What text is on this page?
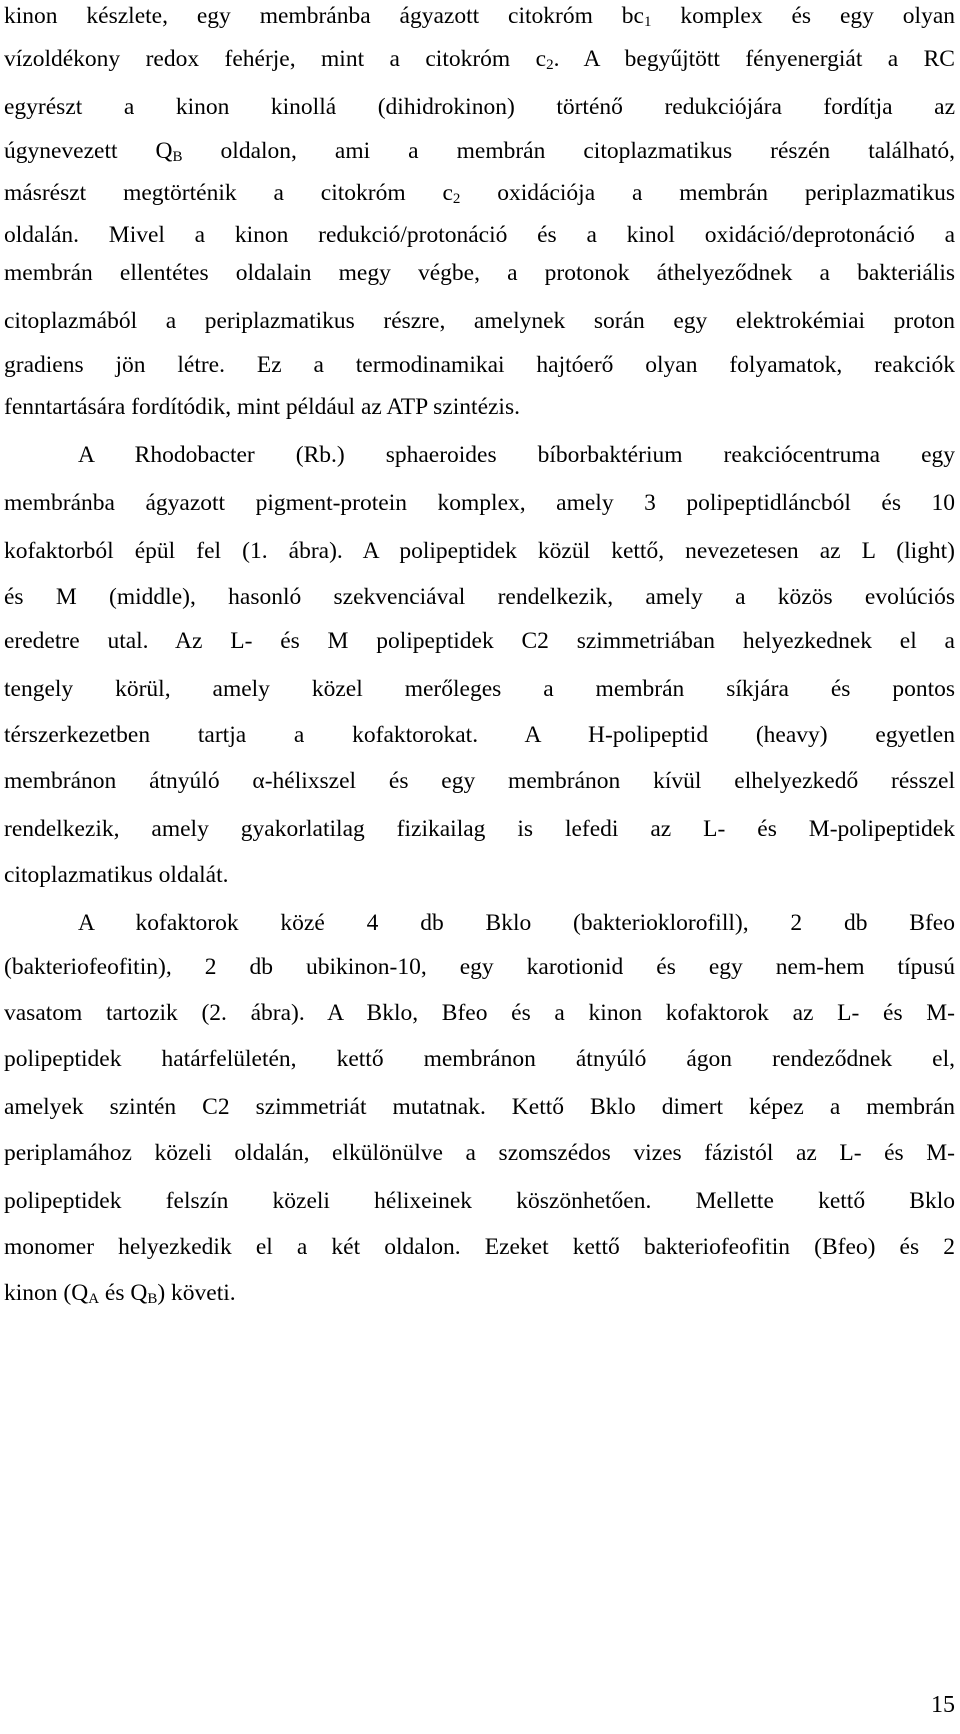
kinon készlete, egy membránba ágyazott citokróm $bc_1$ komplex és egy olyan
vízoldékony redox fehérje, mint a citokróm $c_2$. A begyűjtött fényenergiát a RC
egyrészt a kinon kinollá (dihidrokinon) történő redukciójára fordítja az
úgynevezett $Q_B$ oldalon, ami a membrán citoplazmatikus részén található,
másrészt megtörténik a citokróm $c_2$ oxidációja a membrán periplazmatikus
oldalán. Mivel a kinon redukció/protonáció és a kinol oxidáció/deprotonáció a
membrán ellentétes oldalain megy végbe, a protonok áthelyeződnek a bakteriális
citoplazmából a periplazmatikus részre, amelynek során egy elektrokémiai proton
gradiens jön létre. Ez a termodinamikai hajtóerő olyan folyamatok, reakciók
fenntartására fordítódik, mint például az ATP szintézis.
A Rhodobacter (Rb.) sphaeroides bíborbaktérium reakciócentruma egy
membránba ágyazott pigment-protein komplex, amely 3 polipeptidláncból és 10
kofaktorból épül fel (1. ábra). A polipeptidek közül kettő, nevezetesen az L (light)
és M (middle), hasonló szekvenciával rendelkezik, amely a közös evolúciós
eredetre utal. Az L- és M polipeptidek C2 szimmetriában helyezkednek el a
tengely körül, amely közel merőleges a membrán síkjára és pontos
térszerkezetben tartja a kofaktorokat. A H-polipeptid (heavy) egyetlen
membránon átnyúló α-hélixszel és egy membránon kívül elhelyezkedő résszel
rendelkezik, amely gyakorlatilag fizikailag is lefedi az L- és M-polipeptidek
citoplazmatikus oldalát.
A kofaktorok közé 4 db Bklo (bakterioklorofill), 2 db Bfeo
(bakteriofeofitin), 2 db ubikinon-10, egy karotionid és egy nem-hem típusú
vasatom tartozik (2. ábra). A Bklo, Bfeo és a kinon kofaktorok az L- és M-
polipeptidek határfelületén, kettő membránon átnyúló ágon rendeződnek el,
amelyek szintén C2 szimmetriát mutatnak. Kettő Bklo dimert képez a membrán
periplamához közeli oldalán, elkülönülve a szomszédos vizes fázistól az L- és M-
polipeptidek felszín közeli hélixeinek köszönhetően. Mellette kettő Bklo
monomer helyezkedik el a két oldalon. Ezeket kettő bakteriofeofitin (Bfeo) és 2
kinon ($Q_A$ és $Q_B$) követi.
15
